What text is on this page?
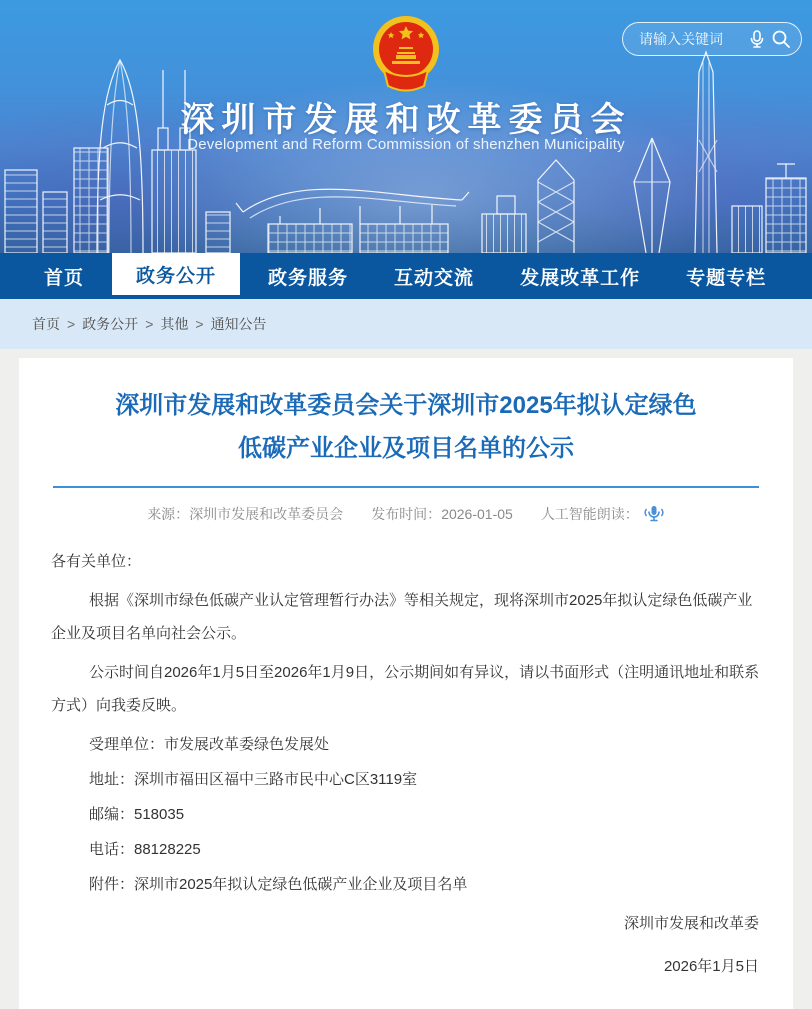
深圳市发展和改革委员会
Development and Reform Commission of shenzhen Municipality
请输入关键词
首页	政务公开	政务服务	互动交流	发展改革工作	专题专栏
首页 > 政务公开 > 其他 > 通知公告
深圳市发展和改革委员会关于深圳市2025年拟认定绿色低碳产业企业及项目名单的公示
来源： 深圳市发展和改革委员会 发布时间： 2026-01-05 人工智能朗读：

各有关单位：

根据《深圳市绿色低碳产业认定管理暂行办法》等相关规定，现将深圳市2025年拟认定绿色低碳产业企业及项目名单向社会公示。

公示时间自2026年1月5日至2026年1月9日，公示期间如有异议，请以书面形式（注明通讯地址和联系方式）向我委反映。

受理单位：市发展改革委绿色发展处

地址：深圳市福田区福中三路市民中心C区3119室

邮编：518035

电话：88128225

附件：深圳市2025年拟认定绿色低碳产业企业及项目名单

深圳市发展和改革委

2026年1月5日
